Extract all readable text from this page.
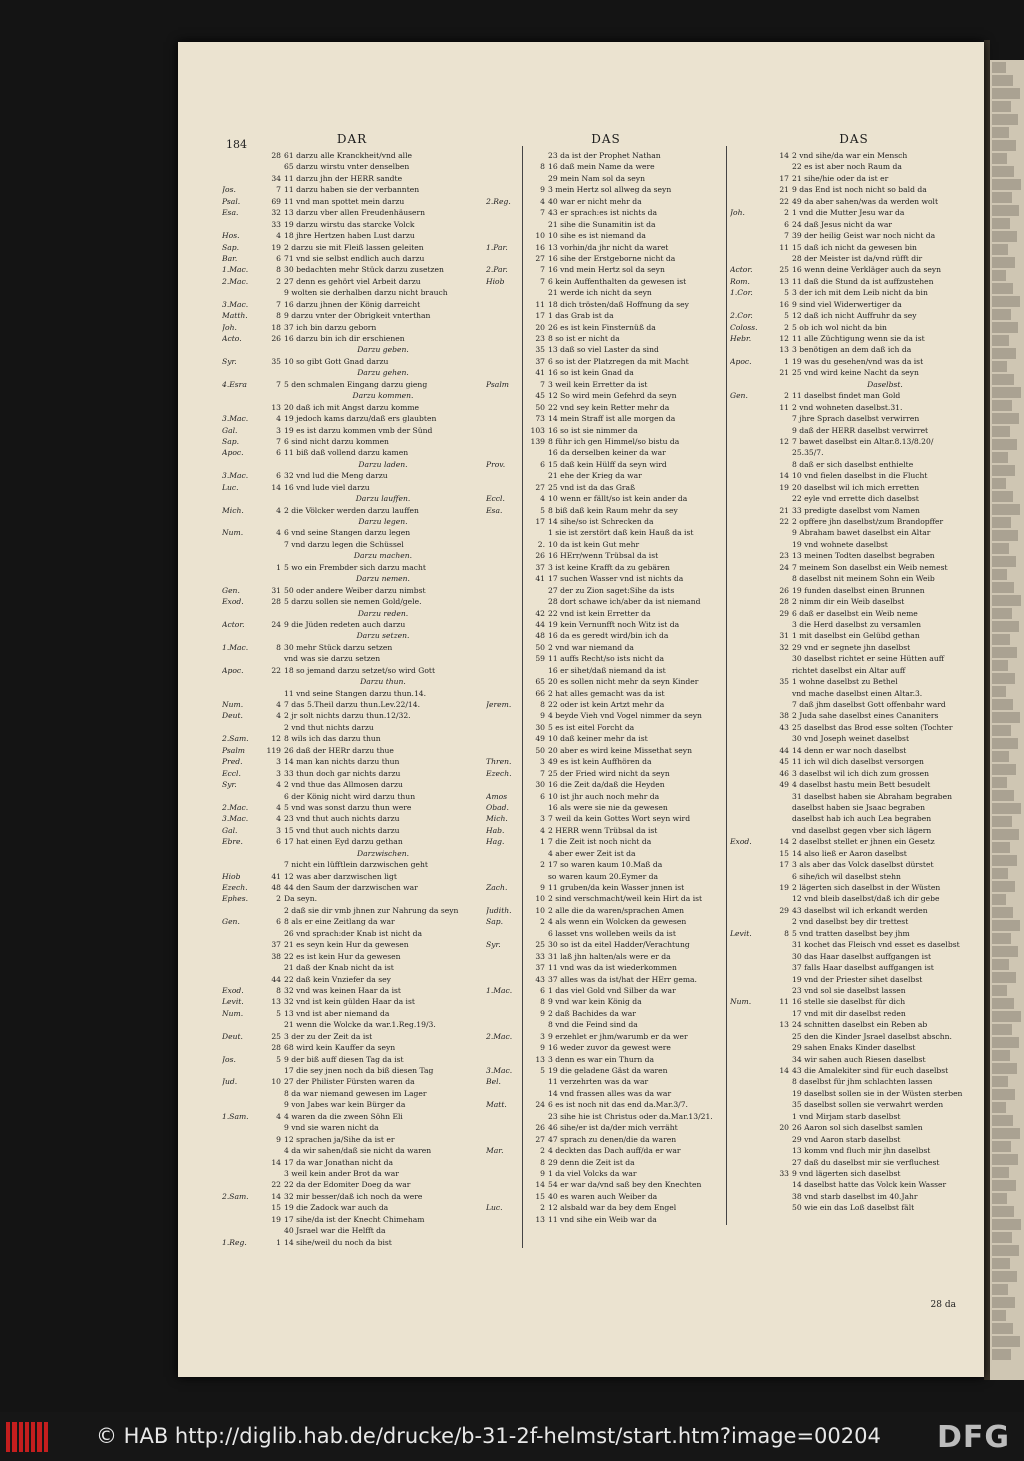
184	DAR
28 61 darzu alle Kranckheit/vnd alle
65 darzu wirstu vnter denselben
34 11 darzu jhn der HERR sandte
Jos.	7 11 darzu haben sie der verbannten
Psal.	69 11 vnd man spottet mein darzu
Esa.	32 13 darzu vber allen Freudenhäusern
33 19 darzu wirstu das starcke Volck
Hos.	4 18 jhre Hertzen haben Lust darzu
Sap.	19 2 darzu sie mit Fleiß lassen geleiten
Bar.	6 71 vnd sie selbst endlich auch darzu
1.Mac.	8 30 bedachten mehr Stück darzu zusetzen
2.Mac.	2 27 denn es gehört viel Arbeit darzu
9 wolten sie derhalben darzu nicht brauch
3.Mac.	7 16 darzu jhnen der König darreicht
Matth.	8 9 darzu vnter der Obrigkeit vnterthan
Joh.	18 37 ich bin darzu geborn
Acto.	26 16 darzu bin ich dir erschienen
Darzu geben.
Syr.	35 10 so gibt Gott Gnad darzu
Darzu gehen.
4.Esra	7 5 den schmalen Eingang darzu gieng
Darzu kommen.
13 20 daß ich mit Angst darzu komme
3.Mac.	4 19 jedoch kams darzu/daß ers glaubten
Gal.	3 19 es ist darzu kommen vmb der Sünd
Sap.	7 6 sind nicht darzu kommen
Apoc.	6 11 biß daß vollend darzu kamen
Darzu laden.
3.Mac.	6 32 vnd lud die Meng darzu
Luc.	14 16 vnd lude viel darzu
Darzu lauffen.
Mich.	4 2 die Völcker werden darzu lauffen
Darzu legen.
Num.	4 6 vnd seine Stangen darzu legen
7 vnd darzu legen die Schüssel
Darzu machen.
1 5 wo ein Frembder sich darzu macht
Darzu nemen.
Gen.	31 50 oder andere Weiber darzu nimbst
Exod.	28 5 darzu sollen sie nemen Gold/gele.
Darzu reden.
Actor.	24 9 die Jüden redeten auch darzu
Darzu setzen.
1.Mac.	8 30 mehr Stück darzu setzen
vnd was sie darzu setzen
Apoc.	22 18 so jemand darzu setzet/so wird Gott
Darzu thun.
11 vnd seine Stangen darzu thun.14.
Num.	4 7 das 5.Theil darzu thun.Lev.22/14.
Deut.	4 2 jr solt nichts darzu thun.12/32.
2 vnd thut nichts darzu
2.Sam.	12 8 wils ich das darzu thun
Psalm	119 26 daß der HERr darzu thue
Pred.	3 14 man kan nichts darzu thun
Eccl.	3 33 thun doch gar nichts darzu
Syr.	4 2 vnd thue das Allmosen darzu
6 der König nicht wird darzu thun
2.Mac.	4 5 vnd was sonst darzu thun were
3.Mac.	4 23 vnd thut auch nichts darzu
Gal.	3 15 vnd thut auch nichts darzu
Ebre.	6 17 hat einen Eyd darzu gethan
Darzwischen.
7 nicht ein lüfftlein darzwischen geht
Hiob	41 12 was aber darzwischen ligt
Ezech.	48 44 den Saum der darzwischen war
Ephes.	2 Da seyn.
2 daß sie dir vmb jhnen zur Nahrung da seyn
Gen.	6 8 als er eine Zeitlang da war
26 vnd sprach:der Knab ist nicht da
37 21 es seyn kein Hur da gewesen
38 22 es ist kein Hur da gewesen
21 daß der Knab nicht da ist
44 22 daß kein Vnziefer da sey
Exod.	8 32 vnd was keinen Haar da ist
Levit.	13 32 vnd ist kein gülden Haar da ist
Num.	5 13 vnd ist aber niemand da
21 wenn die Wolcke da war.1.Reg.19/3.
Deut.	25 3 der zu der Zeit da ist
28 68 wird kein Kauffer da seyn
Jos.	5 9 der biß auff diesen Tag da ist
17 die sey jnen noch da biß diesen Tag
Jud.	10 27 der Philister Fürsten waren da
8 da war niemand gewesen im Lager
9 von Jabes war kein Bürger da
1.Sam.	4 4 waren da die zween Söhn Eli
9 vnd sie waren nicht da
9 12 sprachen ja/Sihe da ist er
4 da wir sahen/daß sie nicht da waren
14 17 da war Jonathan nicht da
3 weil kein ander Brot da war
22 22 da der Edomiter Doeg da war
2.Sam.	14 32 mir besser/daß ich noch da were
15 19 die Zadock war auch da
19 17 sihe/da ist der Knecht Chimeham
40 Jsrael war die Helfft da
1.Reg.	1 14 sihe/weil du noch da bist
DAS
23 da ist der Prophet Nathan
8 16 daß mein Name da were
29 mein Nam sol da seyn
9 3 mein Hertz sol allweg da seyn
2.Reg.	4 40 war er nicht mehr da
7 43 er sprach:es ist nichts da
21 sihe die Sunamitin ist da
10 10 sihe es ist niemand da
1.Par.	16 13 vorhin/da jhr nicht da waret
27 16 sihe der Erstgeborne nicht da
2.Par.	7 16 vnd mein Hertz sol da seyn
Hiob	7 6 kein Auffenthalten da gewesen ist
21 werde ich nicht da seyn
11 18 dich trösten/daß Hoffnung da sey
17 1 das Grab ist da
20 26 es ist kein Finsternüß da
23 8 so ist er nicht da
35 13 daß so viel Laster da sind
37 6 so ist der Platzregen da mit Macht
41 16 so ist kein Gnad da
Psalm	7 3 weil kein Erretter da ist
45 12 So wird mein Gefehrd da seyn
50 22 vnd sey kein Retter mehr da
73 14 mein Straff ist alle morgen da
103 16 so ist sie nimmer da
139 8 führ ich gen Himmel/so bistu da
16 da derselben keiner da war
Prov.	6 15 daß kein Hülff da seyn wird
21 ehe der Krieg da war
27 25 vnd ist da das Graß
Eccl.	4 10 wenn er fällt/so ist kein ander da
Esa.	5 8 biß daß kein Raum mehr da sey
17 14 sihe/so ist Schrecken da
1 sie ist zerstört daß kein Hauß da ist
2. 10 da ist kein Gut mehr
26 16 HErr/wenn Trübsal da ist
37 3 ist keine Krafft da zu gebären
41 17 suchen Wasser vnd ist nichts da
27 der zu Zion saget:Sihe da ists
28 dort schawe ich/aber da ist niemand
42 22 vnd ist kein Erretter da
44 19 kein Vernunfft noch Witz ist da
48 16 da es geredt wird/bin ich da
50 2 vnd war niemand da
59 11 auffs Recht/so ists nicht da
16 er sihet/daß niemand da ist
65 20 es sollen nicht mehr da seyn Kinder
66 2 hat alles gemacht was da ist
Jerem.	8 22 oder ist kein Artzt mehr da
9 4 beyde Vieh vnd Vogel nimmer da seyn
30 5 es ist eitel Forcht da
49 10 daß keiner mehr da ist
50 20 aber es wird keine Missethat seyn
Thren.	3 49 es ist kein Auffhören da
Ezech.	7 25 der Fried wird nicht da seyn
30 16 die Zeit da/daß die Heyden
Amos	6 10 ist jhr auch noch mehr da
Obad.	16 als were sie nie da gewesen
Mich.	3 7 weil da kein Gottes Wort seyn wird
Hab.	4 2 HERR wenn Trübsal da ist
Hag.	1 7 die Zeit ist noch nicht da
4 aber ewer Zeit ist da
2 17 so waren kaum 10.Maß da
so waren kaum 20.Eymer da
Zach.	9 11 gruben/da kein Wasser jnnen ist
10 2 sind verschmacht/weil kein Hirt da ist
Judith.	10 2 alle die da waren/sprachen Amen
Sap.	2 4 als wenn ein Wolcken da gewesen
6 lasset vns wolleben weils da ist
Syr.	25 30 so ist da eitel Hadder/Verachtung
33 31 laß jhn halten/als were er da
37 11 vnd was da ist wiederkommen
43 37 alles was da ist/hat der HErr gema.
1.Mac.	6 1 das viel Gold vnd Silber da war
8 9 vnd war kein König da
9 2 daß Bachides da war
8 vnd die Feind sind da
2.Mac.	3 9 erzehlet er jhm/warumb er da wer
9 16 weder zuvor da gewest were
13 3 denn es war ein Thurn da
3.Mac.	5 19 die geladene Gäst da waren
Bel.	11 verzehrten was da war
14 vnd frassen alles was da war
Matt.	24 6 es ist noch nit das end da.Mar.3/7.
23 sihe hie ist Christus oder da.Mar.13/21.
26 46 sihe/er ist da/der mich verräht
27 47 sprach zu denen/die da waren
Mar.	2 4 deckten das Dach auff/da er war
8 29 denn die Zeit ist da
9 1 da viel Volcks da war
14 54 er war da/vnd saß bey den Knechten
15 40 es waren auch Weiber da
Luc.	2 12 alsbald war da bey dem Engel
13 11 vnd sihe ein Weib war da
DAS
14 2 vnd sihe/da war ein Mensch
22 es ist aber noch Raum da
17 21 sihe/hie oder da ist er
21 9 das End ist noch nicht so bald da
22 49 da aber sahen/was da werden wolt
Joh.	2 1 vnd die Mutter Jesu war da
6 24 daß Jesus nicht da war
7 39 der heilig Geist war noch nicht da
11 15 daß ich nicht da gewesen bin
28 der Meister ist da/vnd rüfft dir
Actor.	25 16 wenn deine Verkläger auch da seyn
Rom.	13 11 daß die Stund da ist auffzustehen
1.Cor.	5 3 der ich mit dem Leib nicht da bin
16 9 sind viel Widerwertiger da
2.Cor.	5 12 daß ich nicht Auffruhr da sey
Coloss.	2 5 ob ich wol nicht da bin
Hebr.	12 11 alle Züchtigung wenn sie da ist
13 3 benötigen an dem daß ich da
Apoc.	1 19 was du gesehen/vnd was da ist
21 25 vnd wird keine Nacht da seyn
Daselbst.
Gen.	2 11 daselbst findet man Gold
11 2 vnd wohneten daselbst.31.
7 jhre Sprach daselbst verwirren
9 daß der HERR daselbst verwirret
12 7 bawet daselbst ein Altar.8.13/8.20/
25.35/7.
8 daß er sich daselbst enthielte
14 10 vnd fielen daselbst in die Flucht
19 20 daselbst wil ich mich erretten
22 eyle vnd errette dich daselbst
21 33 predigte daselbst vom Namen
22 2 opffere jhn daselbst/zum Brandopffer
9 Abraham bawet daselbst ein Altar
19 vnd wohnete daselbst
23 13 meinen Todten daselbst begraben
24 7 meinem Son daselbst ein Weib nemest
8 daselbst nit meinem Sohn ein Weib
26 19 funden daselbst einen Brunnen
28 2 nimm dir ein Weib daselbst
29 6 daß er daselbst ein Weib neme
3 die Herd daselbst zu versamlen
31 1 mit daselbst ein Gelübd gethan
32 29 vnd er segnete jhn daselbst
30 daselbst richtet er seine Hütten auff
richtet daselbst ein Altar auff
35 1 wohne daselbst zu Bethel
vnd mache daselbst einen Altar.3.
7 daß jhm daselbst Gott offenbahr ward
38 2 Juda sahe daselbst eines Cananiters
43 25 daselbst das Brod esse solten (Tochter
30 vnd Joseph weinet daselbst
44 14 denn er war noch daselbst
45 11 ich wil dich daselbst versorgen
46 3 daselbst wil ich dich zum grossen
49 4 daselbst hastu mein Bett besudelt
31 daselbst haben sie Abraham begraben
daselbst haben sie Jsaac begraben
daselbst hab ich auch Lea begraben
vnd daselbst gegen vber sich lägern
Exod.	14 2 daselbst stellet er jhnen ein Gesetz
15 14 also ließ er Aaron daselbst
17 3 als aber das Volck daselbst dürstet
6 sihe/ich wil daselbst stehn
19 2 lägerten sich daselbst in der Wüsten
12 vnd bleib daselbst/daß ich dir gebe
29 43 daselbst wil ich erkandt werden
2 vnd daselbst bey dir trettest
Levit.	8 5 vnd tratten daselbst bey jhm
31 kochet das Fleisch vnd esset es daselbst
30 das Haar daselbst auffgangen ist
37 falls Haar daselbst auffgangen ist
19 vnd der Priester sihet daselbst
23 vnd sol sie daselbst lassen
Num.	11 16 stelle sie daselbst für dich
17 vnd mit dir daselbst reden
13 24 schnitten daselbst ein Reben ab
25 den die Kinder Jsrael daselbst abschn.
29 sahen Enaks Kinder daselbst
34 wir sahen auch Riesen daselbst
14 43 die Amalekiter sind für euch daselbst
8 daselbst für jhm schlachten lassen
19 daselbst sollen sie in der Wüsten sterben
35 daselbst sollen sie verwahrt werden
1 vnd Mirjam starb daselbst
20 26 Aaron sol sich daselbst samlen
29 vnd Aaron starb daselbst
13 komm vnd fluch mir jhn daselbst
27 daß du daselbst mir sie verfluchest
33 9 vnd lägerten sich daselbst
14 daselbst hatte das Volck kein Wasser
38 vnd starb daselbst im 40.Jahr
50 wie ein das Loß daselbst fält
28 da
© HAB http://diglib.hab.de/drucke/b-31-2f-helmst/start.htm?image=00204 DFG
